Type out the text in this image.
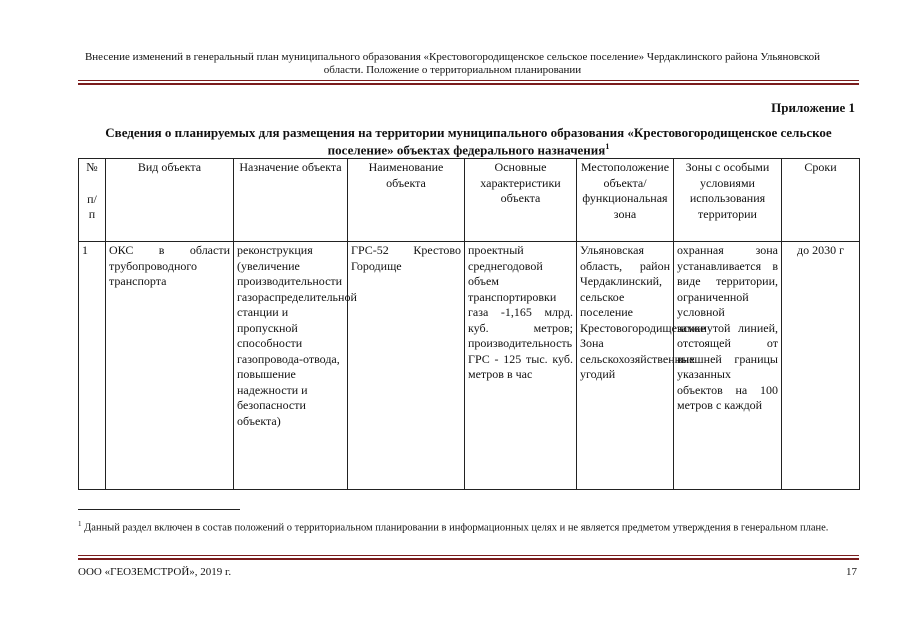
Внесение изменений в генеральный план муниципального образования «Крестовогородищенское сельское поселение» Чердаклинского района Ульяновской области. Положение о территориальном планировании
Приложение 1
Сведения о планируемых для размещения на территории муниципального образования «Крестовогородищенское сельское поселение» объектах федерального назначения$^1$
№
п/
п	Вид объекта	Назначение объекта	Наименование объекта	Основные характеристики объекта	Местоположение объекта/ функциональная зона	Зоны с особыми условиями использования территории	Сроки
1	ОКС в области трубопроводного транспорта	реконструкция (увеличение производительности газораспределительной станции и пропускной способности газопровода-отвода, повышение надежности и безопасности объекта)	ГРС-52 Крестово Городище	проектный среднегодовой объем транспортировки газа -1,165 млрд. куб. метров; производительность ГРС - 125 тыс. куб. метров в час	Ульяновская область, район Чердаклинский, сельское поселение Крестовогородищенское Зона сельскохозяйственных угодий	охранная зона устанавливается в виде территории, ограниченной условной замкнутой линией, отстоящей от внешней границы указанных объектов на 100 метров с каждой	до 2030 г
$^1$ Данный раздел включен в состав положений о территориальном планировании в информационных целях и не является предметом утверждения в генеральном плане.
ООО «ГЕОЗЕМСТРОЙ», 2019 г.	17
